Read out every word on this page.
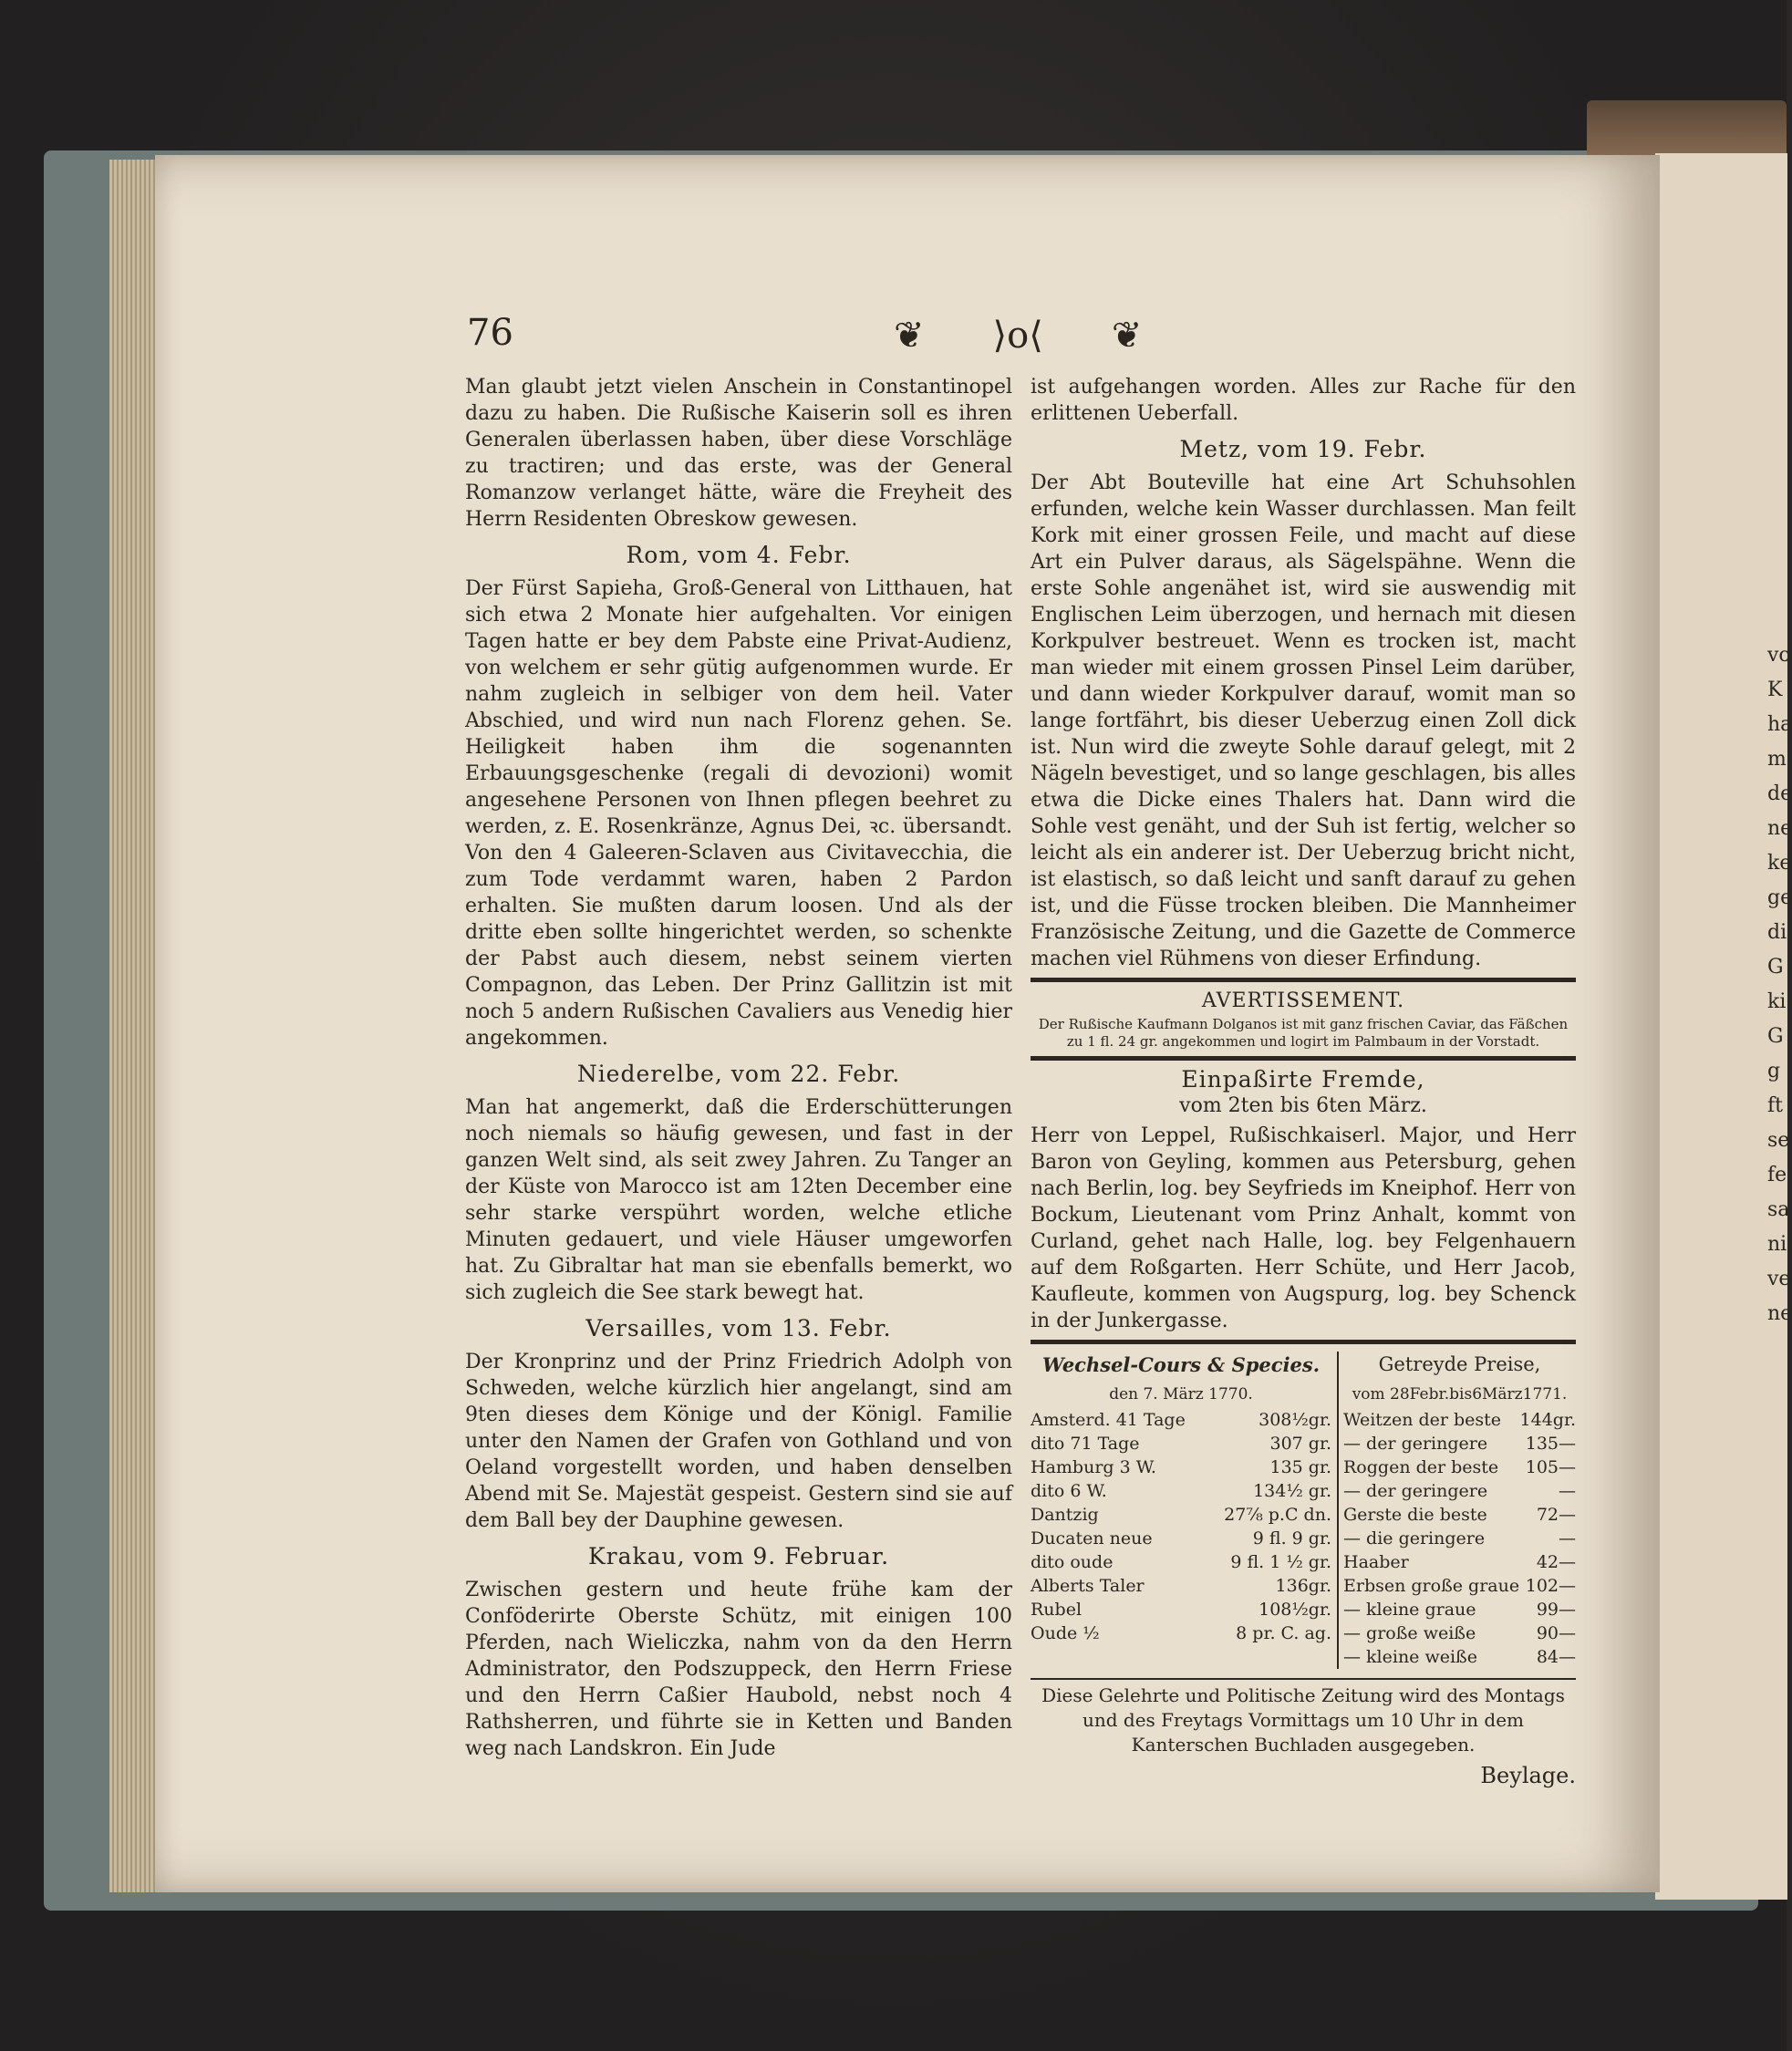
vo K ha m de ne ke ge di G ki G g ft se fe sa ni ve ne
76	❦ ⟩o⟨ ❦

Man glaubt jetzt vielen Anschein in Constantinopel dazu zu haben. Die Rußische Kaiserin soll es ihren Generalen überlassen haben, über diese Vorschläge zu tractiren; und das erste, was der General Romanzow verlanget hätte, wäre die Freyheit des Herrn Residenten Obreskow gewesen.

Rom, vom 4. Febr.

Der Fürst Sapieha, Groß-General von Litthauen, hat sich etwa 2 Monate hier aufgehalten. Vor einigen Tagen hatte er bey dem Pabste eine Privat-Audienz, von welchem er sehr gütig aufgenommen wurde. Er nahm zugleich in selbiger von dem heil. Vater Abschied, und wird nun nach Florenz gehen. Se. Heiligkeit haben ihm die sogenannten Erbauungsgeschenke (regali di devozioni) womit angesehene Personen von Ihnen pflegen beehret zu werden, z. E. Rosenkränze, Agnus Dei, ꝛc. übersandt. Von den 4 Galeeren-Sclaven aus Civitavecchia, die zum Tode verdammt waren, haben 2 Pardon erhalten. Sie mußten darum loosen. Und als der dritte eben sollte hingerichtet werden, so schenkte der Pabst auch diesem, nebst seinem vierten Compagnon, das Leben. Der Prinz Gallitzin ist mit noch 5 andern Rußischen Cavaliers aus Venedig hier angekommen.

Niederelbe, vom 22. Febr.

Man hat angemerkt, daß die Erderschütterungen noch niemals so häufig gewesen, und fast in der ganzen Welt sind, als seit zwey Jahren. Zu Tanger an der Küste von Marocco ist am 12ten December eine sehr starke verspührt worden, welche etliche Minuten gedauert, und viele Häuser umgeworfen hat. Zu Gibraltar hat man sie ebenfalls bemerkt, wo sich zugleich die See stark bewegt hat.

Versailles, vom 13. Febr.

Der Kronprinz und der Prinz Friedrich Adolph von Schweden, welche kürzlich hier angelangt, sind am 9ten dieses dem Könige und der Königl. Familie unter den Namen der Grafen von Gothland und von Oeland vorgestellt worden, und haben denselben Abend mit Se. Majestät gespeist. Gestern sind sie auf dem Ball bey der Dauphine gewesen.

Krakau, vom 9. Februar.

Zwischen gestern und heute frühe kam der Conföderirte Oberste Schütz, mit einigen 100 Pferden, nach Wieliczka, nahm von da den Herrn Administrator, den Podszuppeck, den Herrn Friese und den Herrn Caßier Haubold, nebst noch 4 Rathsherren, und führte sie in Ketten und Banden weg nach Landskron. Ein Jude

ist aufgehangen worden. Alles zur Rache für den erlittenen Ueberfall.

Metz, vom 19. Febr.

Der Abt Bouteville hat eine Art Schuhsohlen erfunden, welche kein Wasser durchlassen. Man feilt Kork mit einer grossen Feile, und macht auf diese Art ein Pulver daraus, als Sägelspähne. Wenn die erste Sohle angenähet ist, wird sie auswendig mit Englischen Leim überzogen, und hernach mit diesen Korkpulver bestreuet. Wenn es trocken ist, macht man wieder mit einem grossen Pinsel Leim darüber, und dann wieder Korkpulver darauf, womit man so lange fortfährt, bis dieser Ueberzug einen Zoll dick ist. Nun wird die zweyte Sohle darauf gelegt, mit 2 Nägeln bevestiget, und so lange geschlagen, bis alles etwa die Dicke eines Thalers hat. Dann wird die Sohle vest genäht, und der Suh ist fertig, welcher so leicht als ein anderer ist. Der Ueberzug bricht nicht, ist elastisch, so daß leicht und sanft darauf zu gehen ist, und die Füsse trocken bleiben. Die Mannheimer Französische Zeitung, und die Gazette de Commerce machen viel Rühmens von dieser Erfindung.

AVERTISSEMENT.
Der Rußische Kaufmann Dolganos ist mit ganz frischen Caviar, das Fäßchen zu 1 fl. 24 gr. angekommen und logirt im Palmbaum in der Vorstadt.
Einpaßirte Fremde,
vom 2ten bis 6ten März.

Herr von Leppel, Rußischkaiserl. Major, und Herr Baron von Geyling, kommen aus Petersburg, gehen nach Berlin, log. bey Seyfrieds im Kneiphof. Herr von Bockum, Lieutenant vom Prinz Anhalt, kommt von Curland, gehet nach Halle, log. bey Felgenhauern auf dem Roßgarten. Herr Schüte, und Herr Jacob, Kaufleute, kommen von Augspurg, log. bey Schenck in der Junkergasse.

Wechsel-Cours & Species.
den 7. März 1770.
Amsterd. 41 Tage	308½gr.
dito 71 Tage	307 gr.
Hamburg 3 W.	135 gr.
dito 6 W.	134½ gr.
Dantzig	27⅞ p.C dn.
Ducaten neue	9 fl. 9 gr.
dito oude	9 fl. 1 ½ gr.
Alberts Taler	136gr.
Rubel	108½gr.
Oude ⅟₂	8 pr. C. ag.
Getreyde Preise,
vom 28Febr.bis6März1771.
Weitzen der beste 144gr.
— der geringere 135—
Roggen der beste 105—
— der geringere	—
Gerste die beste	72—
— die geringere	—
Haaber	42—
Erbsen große graue 102—
— kleine graue	99—
— große weiße	90—
— kleine weiße	84—
Diese Gelehrte und Politische Zeitung wird des Montags und des Freytags Vormittags um 10 Uhr in dem Kanterschen Buchladen ausgegeben.
Beylage.
